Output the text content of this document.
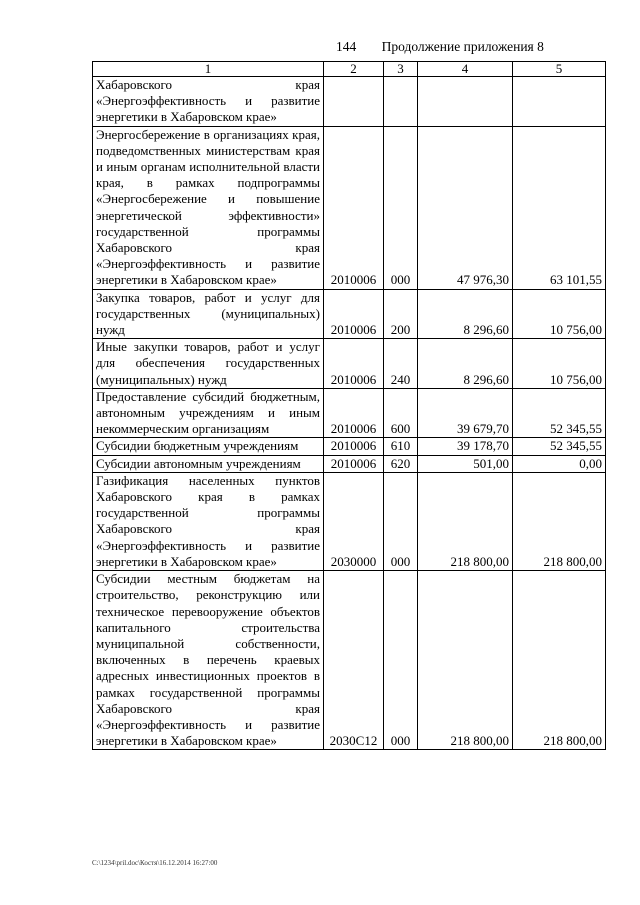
144 Продолжение приложения 8
1	2	3	4	5
Хабаровского края «Энергоэффективность и развитие энергетики в Хабаровском крае»				
Энергосбережение в организациях края, подведомственных министерствам края и иным органам исполнительной власти края, в рамках подпрограммы «Энергосбережение и повышение энергетической эффективности» государственной программы Хабаровского края «Энергоэффективность и развитие энергетики в Хабаровском крае»	2010006	000	47 976,30	63 101,55
Закупка товаров, работ и услуг для государственных (муниципальных) нужд	2010006	200	8 296,60	10 756,00
Иные закупки товаров, работ и услуг для обеспечения государственных (муниципальных) нужд	2010006	240	8 296,60	10 756,00
Предоставление субсидий бюджетным, автономным учреждениям и иным некоммерческим организациям	2010006	600	39 679,70	52 345,55
Субсидии бюджетным учреждениям	2010006	610	39 178,70	52 345,55
Субсидии автономным учреждениям	2010006	620	501,00	0,00
Газификация населенных пунктов Хабаровского края в рамках государственной программы Хабаровского края «Энергоэффективность и развитие энергетики в Хабаровском крае»	2030000	000	218 800,00	218 800,00
Субсидии местным бюджетам на строительство, реконструкцию или техническое перевооружение объектов капитального строительства муниципальной собственности, включенных в перечень краевых адресных инвестиционных проектов в рамках государственной программы Хабаровского края «Энергоэффективность и развитие энергетики в Хабаровском крае»	2030С12	000	218 800,00	218 800,00
C:\1234\pril.doc\Костя\16.12.2014 16:27:00
